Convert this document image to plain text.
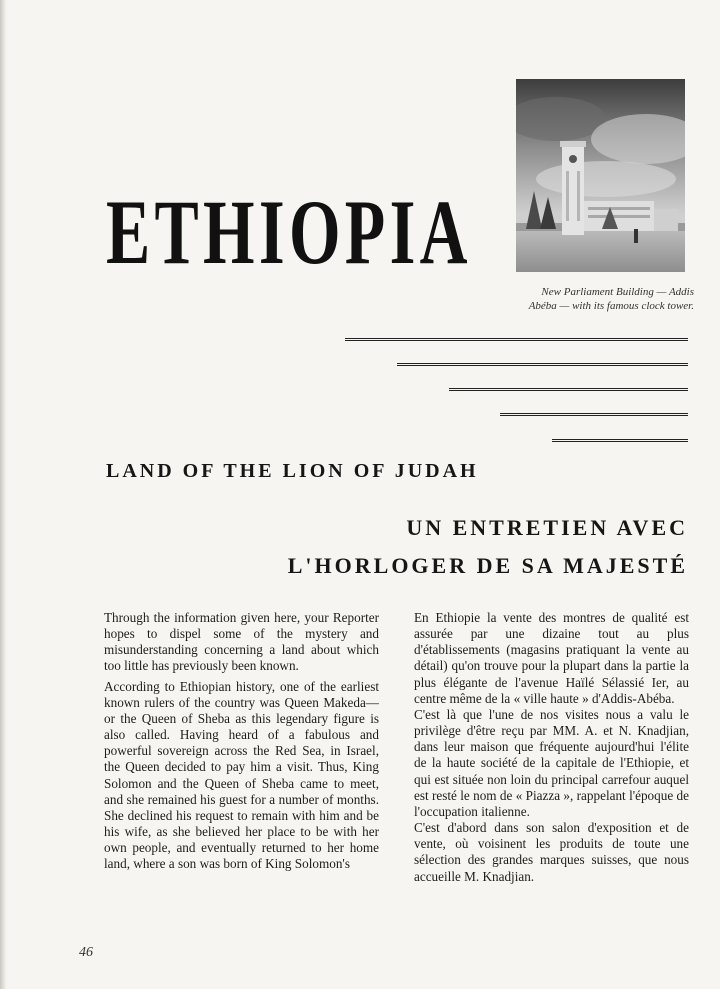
ETHIOPIA

New Parliament Building — Addis

Abéba — with its famous clock tower.

LAND OF THE LION OF JUDAH
UN ENTRETIEN AVEC
L'HORLOGER DE SA MAJESTÉ

Through the information given here, your Reporter hopes to dispel some of the mystery and misunderstanding concerning a land about which too little has previously been known.

According to Ethiopian history, one of the earliest known rulers of the country was Queen Makeda—or the Queen of Sheba as this legendary figure is also called. Having heard of a fabulous and powerful sovereign across the Red Sea, in Israel, the Queen decided to pay him a visit. Thus, King Solomon and the Queen of Sheba came to meet, and she remained his guest for a number of months. She declined his request to remain with him and be his wife, as she believed her place to be with her own people, and eventually returned to her home land, where a son was born of King Solomon's

En Ethiopie la vente des montres de qualité est assurée par une dizaine tout au plus d'établissements (magasins pratiquant la vente au détail) qu'on trouve pour la plupart dans la partie la plus élégante de l'avenue Haïlé Sélassié Ier, au centre même de la « ville haute » d'Addis-Abéba.

C'est là que l'une de nos visites nous a valu le privilège d'être reçu par MM. A. et N. Knadjian, dans leur maison que fréquente aujourd'hui l'élite de la haute société de la capitale de l'Ethiopie, et qui est située non loin du principal carrefour auquel est resté le nom de « Piazza », rappelant l'époque de l'occupation italienne.

C'est d'abord dans son salon d'exposition et de vente, où voisinent les produits de toute une sélection des grandes marques suisses, que nous accueille M. Knadjian.

46
